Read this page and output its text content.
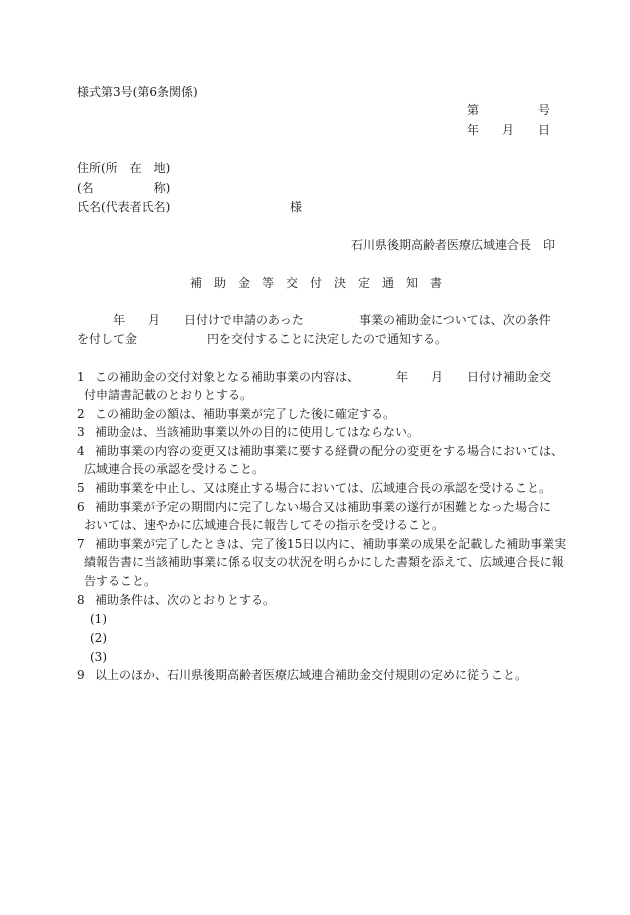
様式第3号(第6条関係)
第	号
年 月 日
住所(所　在　地)
(名　　　　　称)
氏名(代表者氏名)	様
石川県後期高齢者医療広域連合長　印
補　助　金　等　交　付　決　定　通　知　書
年 月 日付けで申請のあった	事業の補助金については、次の条件
を付して金	円を交付することに決定したので通知する。
1 この補助金の交付対象となる補助事業の内容は、	年 月 日付け補助金交
付申請書記載のとおりとする。
2 この補助金の額は、補助事業が完了した後に確定する。
3 補助金は、当該補助事業以外の目的に使用してはならない。
4 補助事業の内容の変更又は補助事業に要する経費の配分の変更をする場合においては、
広域連合長の承認を受けること。
5 補助事業を中止し、又は廃止する場合においては、広域連合長の承認を受けること。
6 補助事業が予定の期間内に完了しない場合又は補助事業の遂行が困難となった場合に
おいては、速やかに広域連合長に報告してその指示を受けること。
7 補助事業が完了したときは、完了後15日以内に、補助事業の成果を記載した補助事業実
績報告書に当該補助事業に係る収支の状況を明らかにした書類を添えて、広域連合長に報
告すること。
8 補助条件は、次のとおりとする。
(1)
(2)
(3)
9 以上のほか、石川県後期高齢者医療広域連合補助金交付規則の定めに従うこと。
